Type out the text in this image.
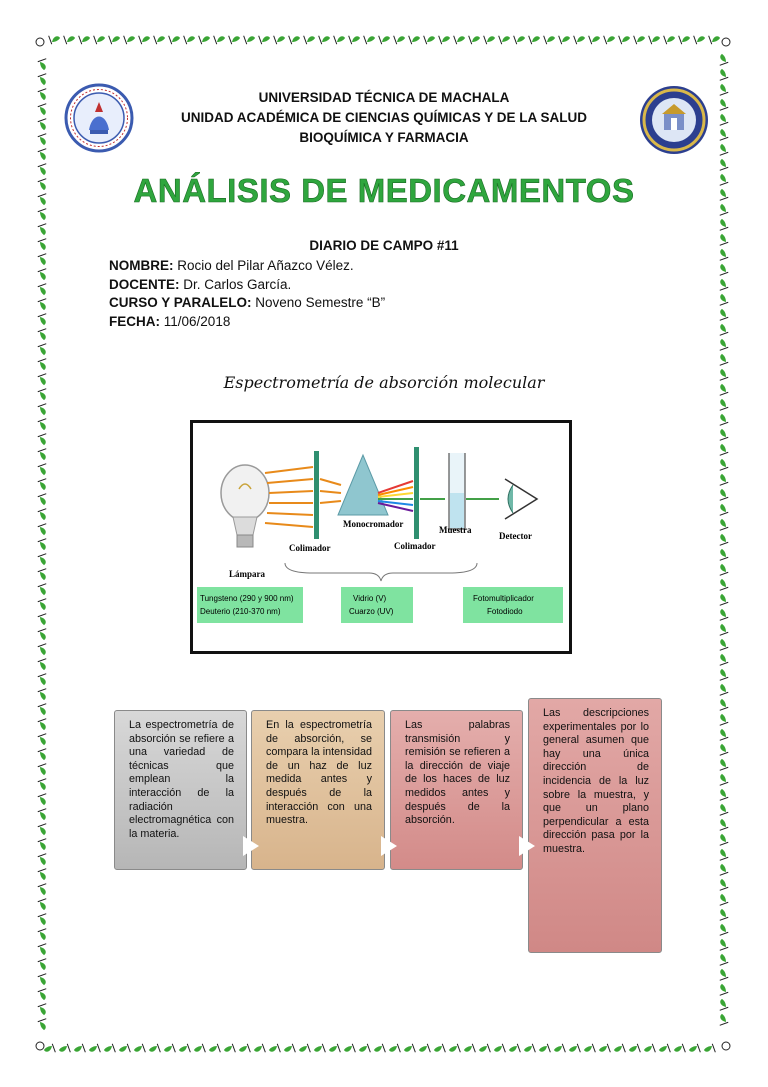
UNIVERSIDAD TÉCNICA DE MACHALA
UNIDAD ACADÉMICA DE CIENCIAS QUÍMICAS Y DE LA SALUD
BIOQUÍMICA Y FARMACIA
ANÁLISIS DE MEDICAMENTOS
DIARIO DE CAMPO #11
NOMBRE: Rocio del Pilar Añazco Vélez.
DOCENTE: Dr. Carlos García.
CURSO Y PARALELO: Noveno Semestre “B”
FECHA: 11/06/2018
Espectrometría de absorción molecular
Monocromador
Muestra
Detector
Colimador	Colimador
Lámpara
Tungsteno (290 y 900 nm)
Deuterio (210-370 nm)
Vidrio (V)
Cuarzo (UV)
Fotomultiplicador
Fotodiodo
La espectrometría de absorción se refiere a una variedad de técnicas que emplean la interacción de la radiación electromagnética con la materia.
En la espectrometría de absorción, se compara la intensidad de un haz de luz medida antes y después de la interacción con una muestra.
Las palabras transmisión y remisión se refieren a la dirección de viaje de los haces de luz medidos antes y después de la absorción.
Las descripciones experimentales por lo general asumen que hay una única dirección de incidencia de la luz sobre la muestra, y que un plano perpendicular a esta dirección pasa por la muestra.
